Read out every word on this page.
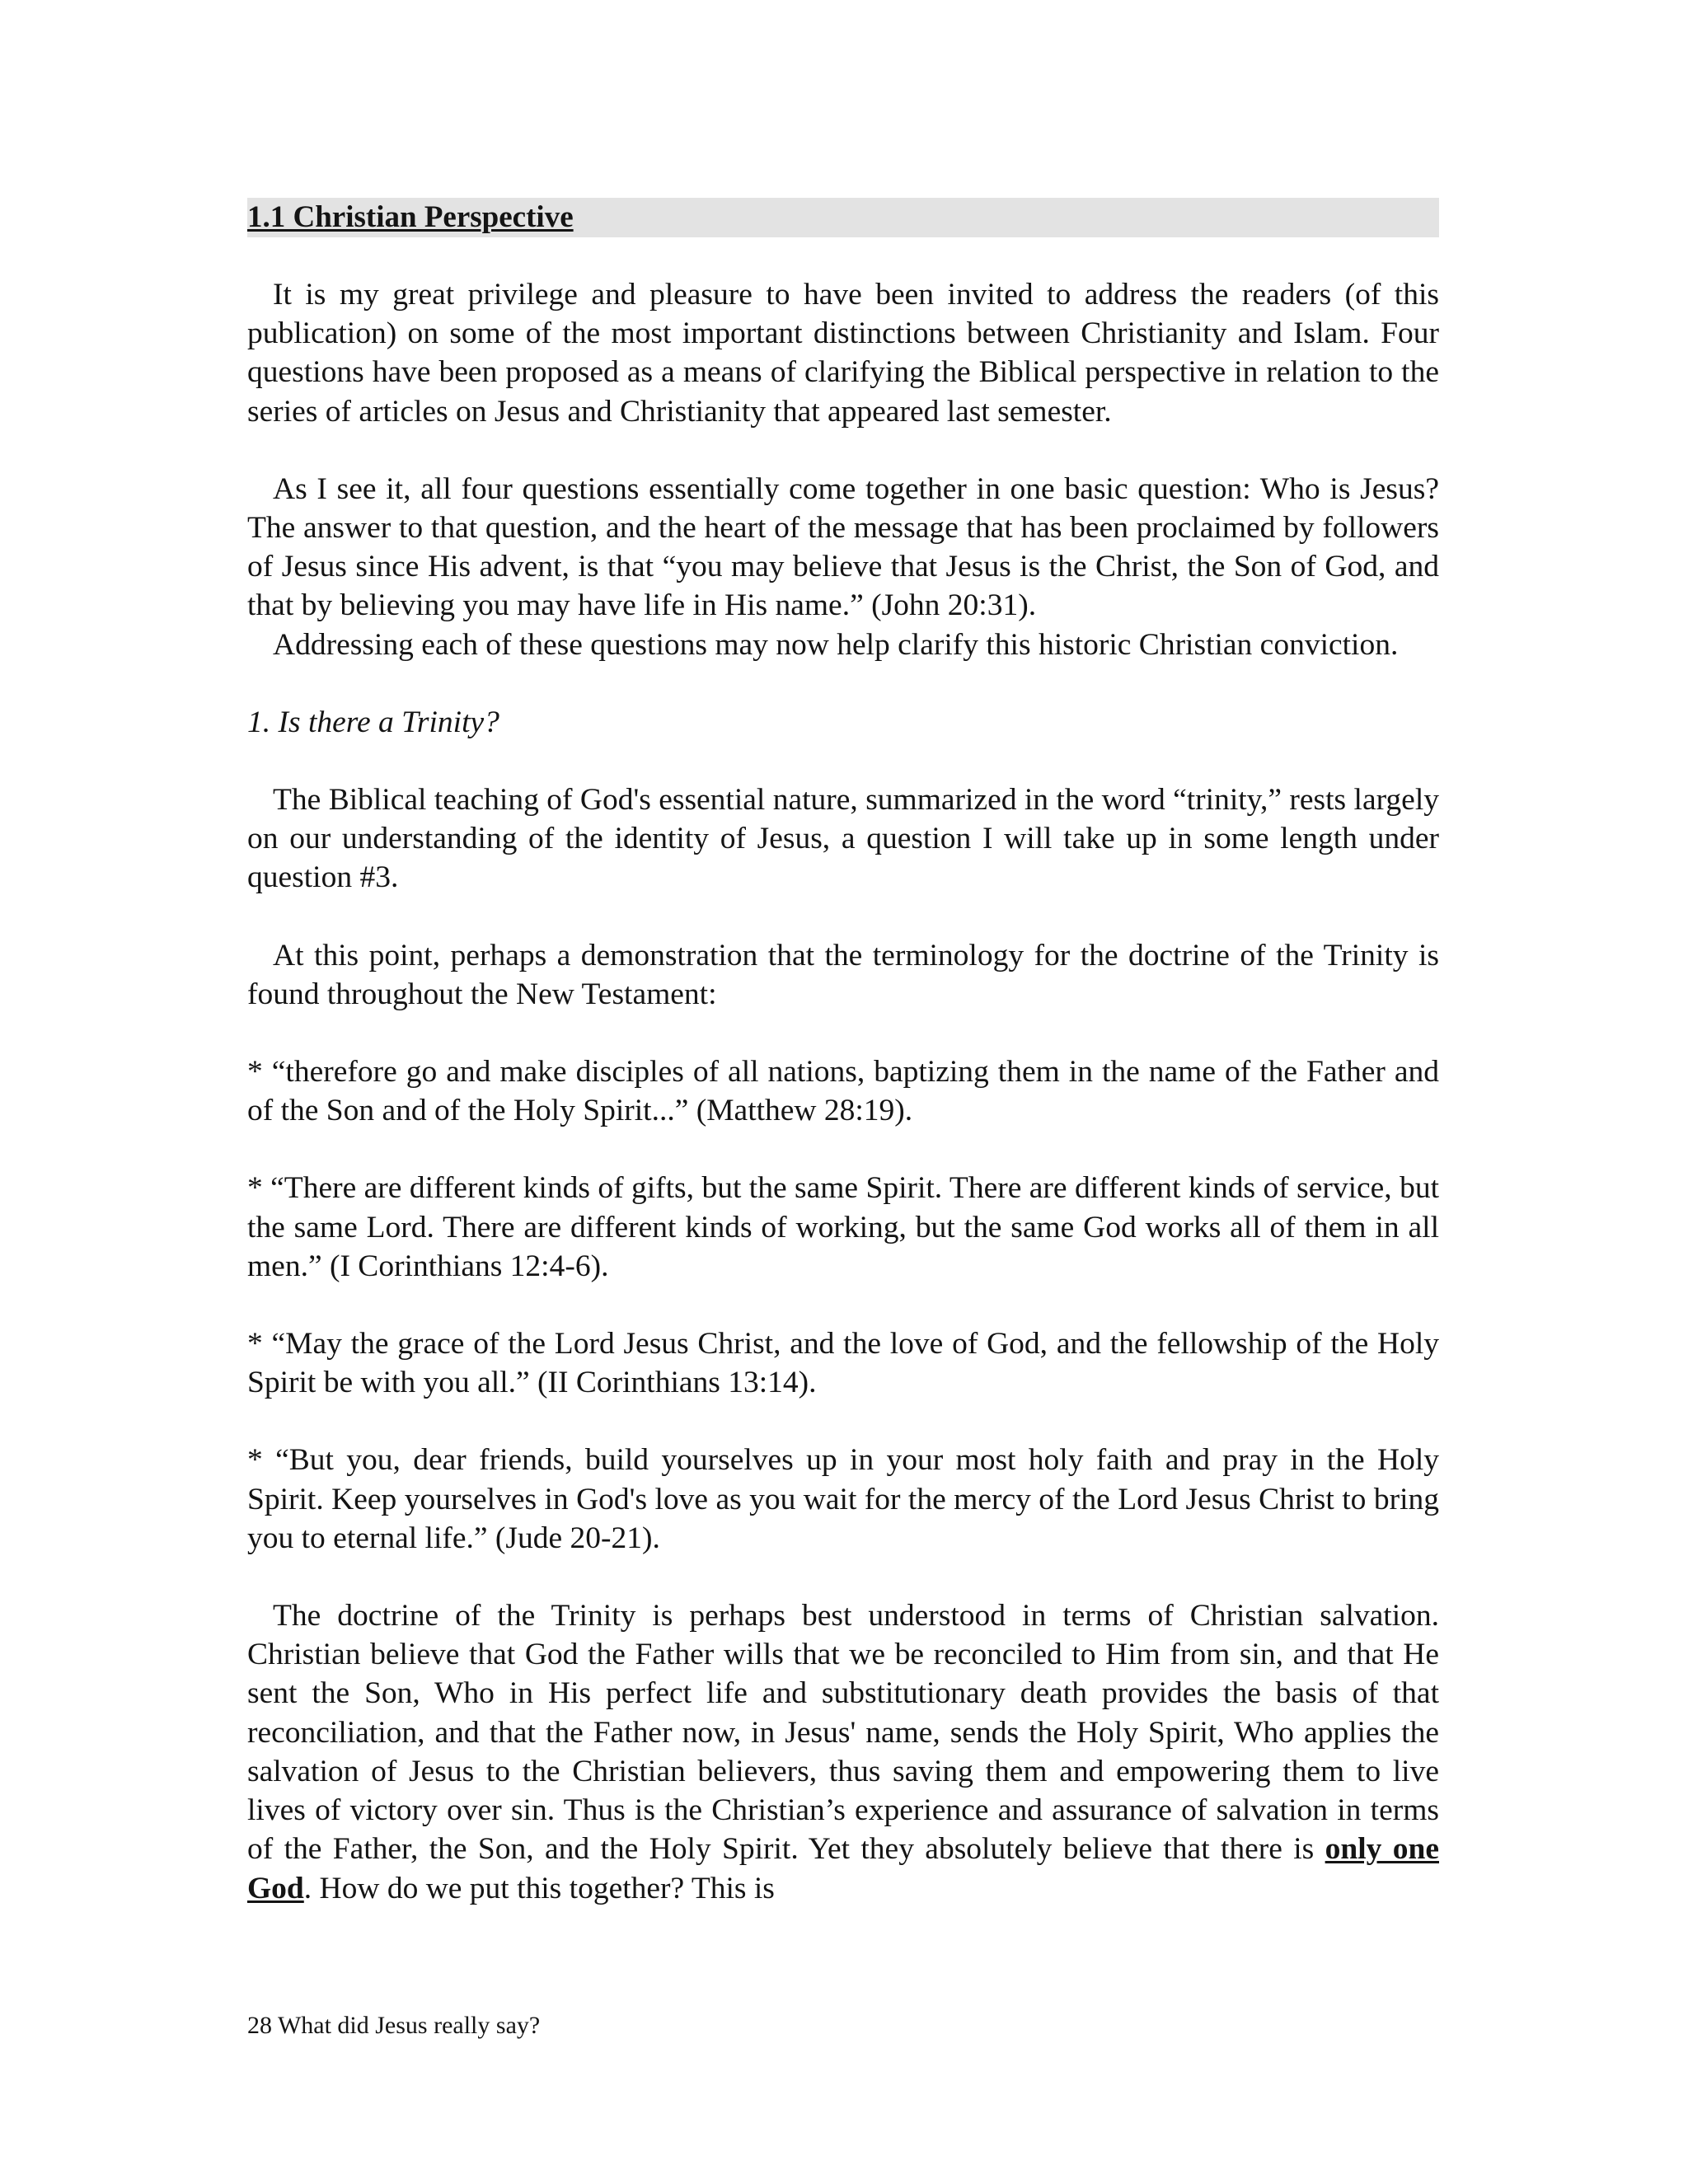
1.1 Christian Perspective

It is my great privilege and pleasure to have been invited to address the readers (of this publication) on some of the most important distinctions between Christianity and Islam. Four questions have been proposed as a means of clarifying the Biblical perspective in relation to the series of articles on Jesus and Christianity that appeared last semester.

As I see it, all four questions essentially come together in one basic question: Who is Jesus? The answer to that question, and the heart of the message that has been proclaimed by followers of Jesus since His advent, is that “you may believe that Jesus is the Christ, the Son of God, and that by believing you may have life in His name.” (John 20:31).

Addressing each of these questions may now help clarify this historic Christian conviction.

1. Is there a Trinity?

The Biblical teaching of God's essential nature, summarized in the word “trinity,” rests largely on our understanding of the identity of Jesus, a question I will take up in some length under question #3.

At this point, perhaps a demonstration that the terminology for the doctrine of the Trinity is found throughout the New Testament:

* “therefore go and make disciples of all nations, baptizing them in the name of the Father and of the Son and of the Holy Spirit...” (Matthew 28:19).

* “There are different kinds of gifts, but the same Spirit. There are different kinds of service, but the same Lord. There are different kinds of working, but the same God works all of them in all men.” (I Corinthians 12:4-6).

* “May the grace of the Lord Jesus Christ, and the love of God, and the fellowship of the Holy Spirit be with you all.” (II Corinthians 13:14).

* “But you, dear friends, build yourselves up in your most holy faith and pray in the Holy Spirit. Keep yourselves in God's love as you wait for the mercy of the Lord Jesus Christ to bring you to eternal life.” (Jude 20-21).

The doctrine of the Trinity is perhaps best understood in terms of Christian salvation. Christian believe that God the Father wills that we be reconciled to Him from sin, and that He sent the Son, Who in His perfect life and substitutionary death provides the basis of that reconciliation, and that the Father now, in Jesus' name, sends the Holy Spirit, Who applies the salvation of Jesus to the Christian believers, thus saving them and empowering them to live lives of victory over sin. Thus is the Christian’s experience and assurance of salvation in terms of the Father, the Son, and the Holy Spirit. Yet they absolutely believe that there is only one God. How do we put this together? This is

28 What did Jesus really say?
